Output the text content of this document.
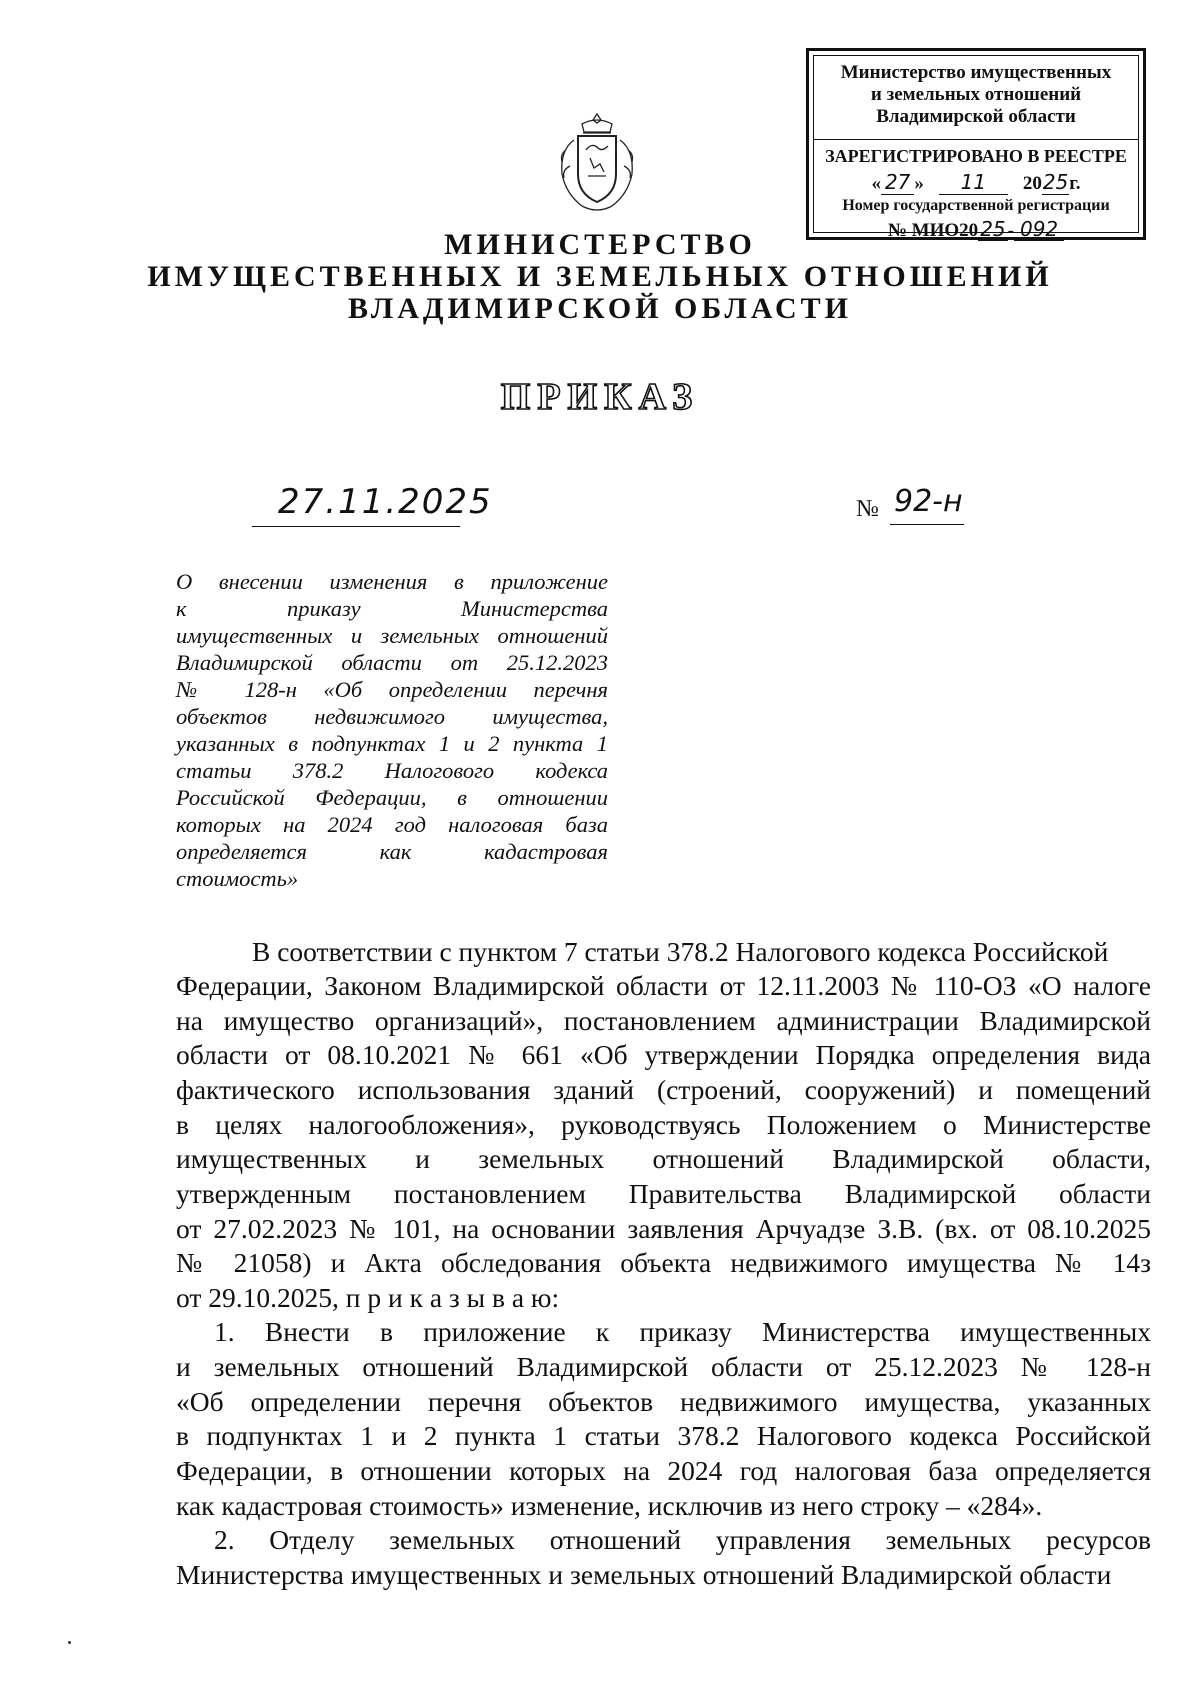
Министерство имущественных
и земельных отношений
Владимирской области
ЗАРЕГИСТРИРОВАНО В РЕЕСТРЕ
« 27 » 11 2025г.
Номер государственной регистрации
№ МИО20 25 - 092
МИНИСТЕРСТВО
ИМУЩЕСТВЕННЫХ И ЗЕМЕЛЬНЫХ ОТНОШЕНИЙ
ВЛАДИМИРСКОЙ ОБЛАСТИ
ПРИКАЗ
27.11.2025	№ 92-н
О внесении изменения в приложение
к приказу Министерства
имущественных и земельных отношений
Владимирской области от 25.12.2023
№ 128-н «Об определении перечня
объектов недвижимого имущества,
указанных в подпунктах 1 и 2 пункта 1
статьи 378.2 Налогового кодекса
Российской Федерации, в отношении
которых на 2024 год налоговая база
определяется как кадастровая
стоимость»
В соответствии с пунктом 7 статьи 378.2 Налогового кодекса Российской
Федерации, Законом Владимирской области от 12.11.2003 № 110-ОЗ «О налоге
на имущество организаций», постановлением администрации Владимирской
области от 08.10.2021 № 661 «Об утверждении Порядка определения вида
фактического использования зданий (строений, сооружений) и помещений
в целях налогообложения», руководствуясь Положением о Министерстве
имущественных и земельных отношений Владимирской области,
утвержденным постановлением Правительства Владимирской области
от 27.02.2023 № 101, на основании заявления Арчуадзе З.В. (вх. от 08.10.2025
№ 21058) и Акта обследования объекта недвижимого имущества № 14з
от 29.10.2025, п р и к а з ы в а ю:
1. Внести в приложение к приказу Министерства имущественных
и земельных отношений Владимирской области от 25.12.2023 № 128-н
«Об определении перечня объектов недвижимого имущества, указанных
в подпунктах 1 и 2 пункта 1 статьи 378.2 Налогового кодекса Российской
Федерации, в отношении которых на 2024 год налоговая база определяется
как кадастровая стоимость» изменение, исключив из него строку – «284».
2. Отделу земельных отношений управления земельных ресурсов
Министерства имущественных и земельных отношений Владимирской области
